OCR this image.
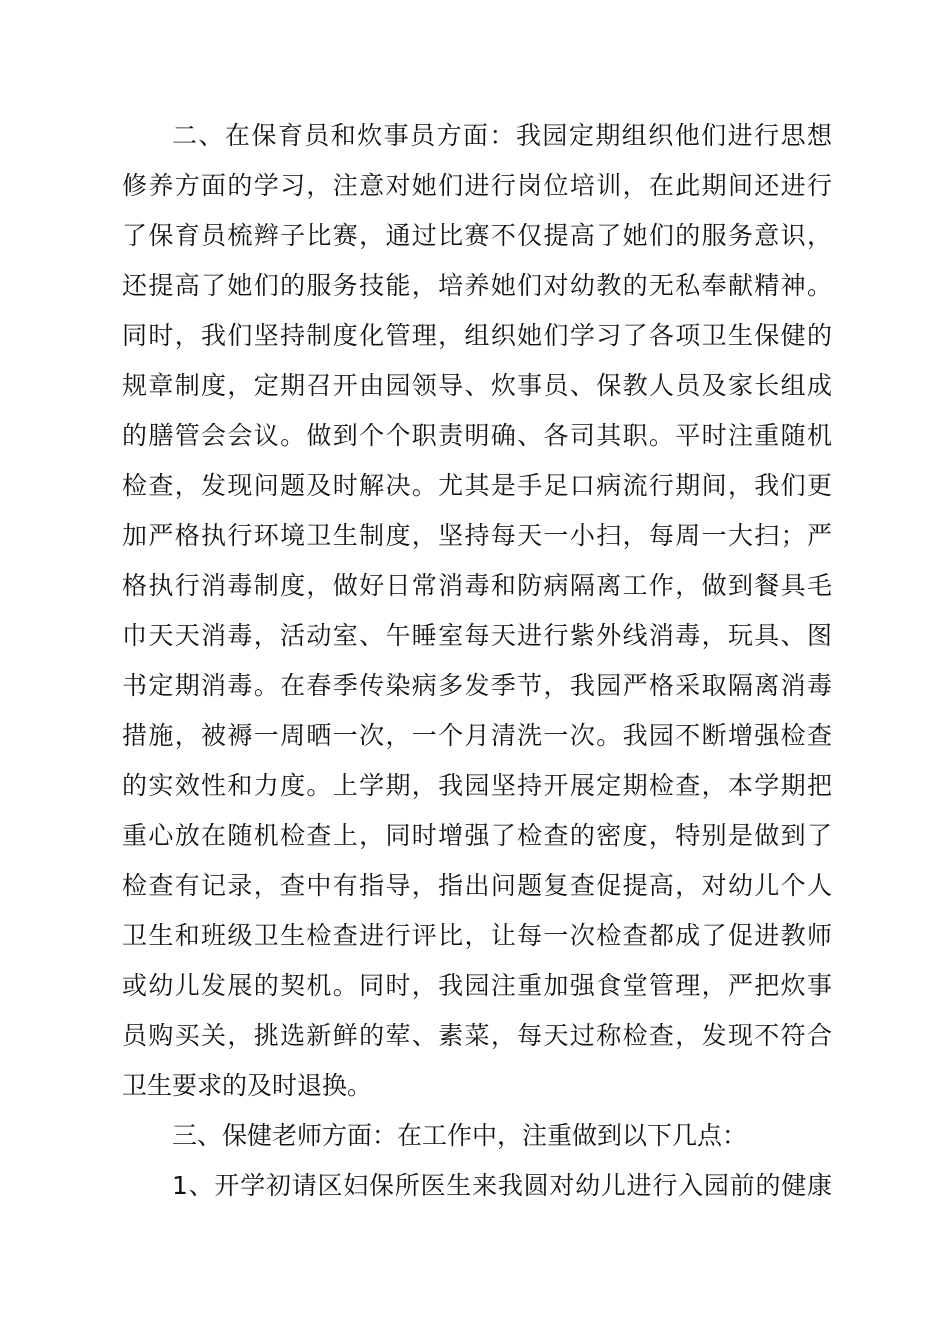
二、在保育员和炊事员方面：我园定期组织他们进行思想
修养方面的学习，注意对她们进行岗位培训，在此期间还进行
了保育员梳辫子比赛，通过比赛不仅提高了她们的服务意识，
还提高了她们的服务技能，培养她们对幼教的无私奉献精神。
同时，我们坚持制度化管理，组织她们学习了各项卫生保健的
规章制度，定期召开由园领导、炊事员、保教人员及家长组成
的膳管会会议。做到个个职责明确、各司其职。平时注重随机
检查，发现问题及时解决。尤其是手足口病流行期间，我们更
加严格执行环境卫生制度，坚持每天一小扫，每周一大扫；严
格执行消毒制度，做好日常消毒和防病隔离工作，做到餐具毛
巾天天消毒，活动室、午睡室每天进行紫外线消毒，玩具、图
书定期消毒。在春季传染病多发季节，我园严格采取隔离消毒
措施，被褥一周晒一次，一个月清洗一次。我园不断增强检查
的实效性和力度。上学期，我园坚持开展定期检查，本学期把
重心放在随机检查上，同时增强了检查的密度，特别是做到了
检查有记录，查中有指导，指出问题复查促提高，对幼儿个人
卫生和班级卫生检查进行评比，让每一次检查都成了促进教师
或幼儿发展的契机。同时，我园注重加强食堂管理，严把炊事
员购买关，挑选新鲜的荤、素菜，每天过称检查，发现不符合
卫生要求的及时退换。
三、保健老师方面：在工作中，注重做到以下几点：
1、开学初请区妇保所医生来我圆对幼儿进行入园前的健康
